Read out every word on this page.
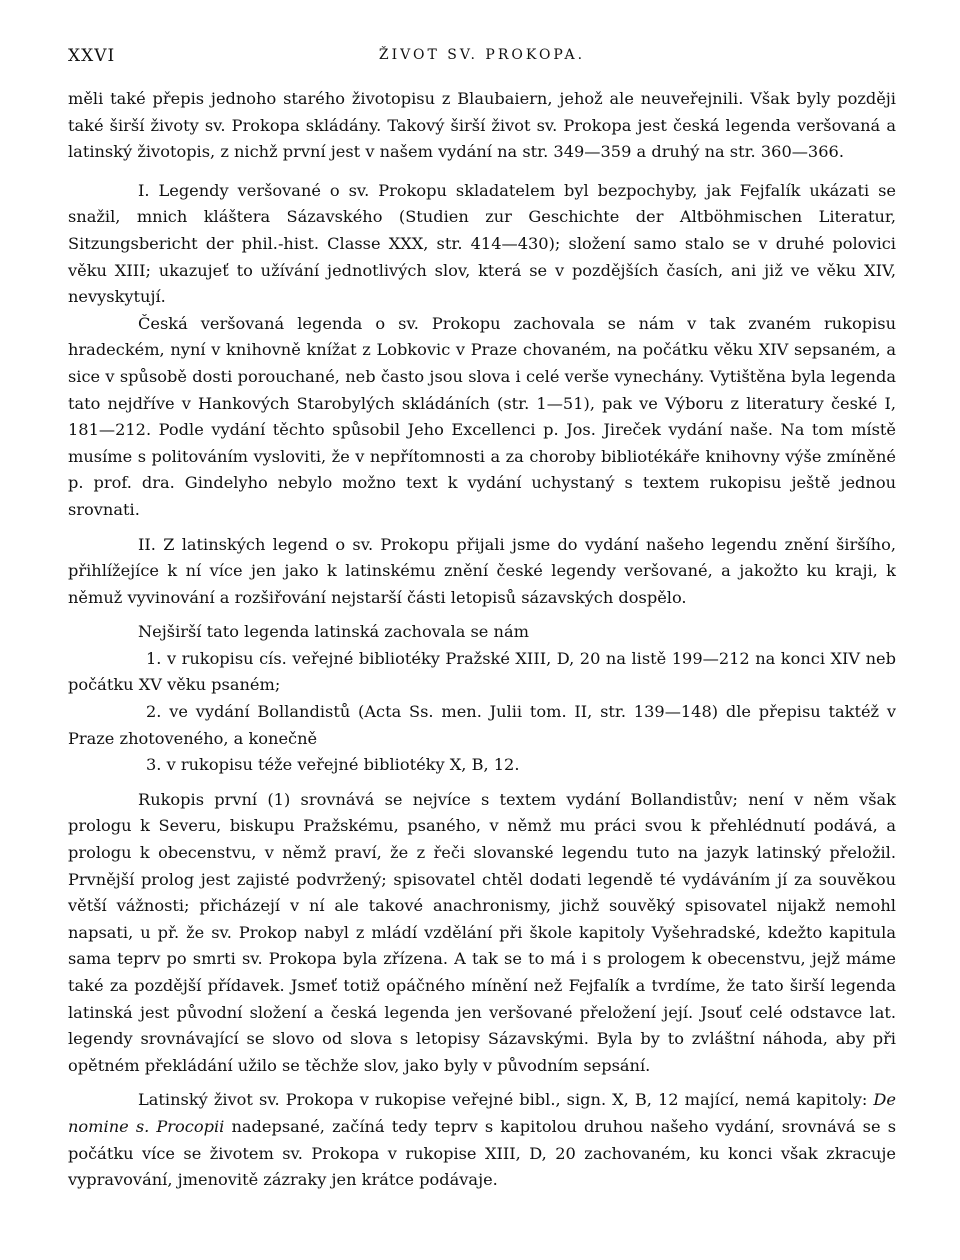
XXVI	ŽIVOT SV. PROKOPA.

měli také přepis jednoho starého životopisu z Blaubaiern, jehož ale neuveřejnili. Však byly později také širší životy sv. Prokopa skládány. Takový širší život sv. Prokopa jest česká legenda veršovaná a latinský životopis, z nichž první jest v našem vydání na str. 349—359 a druhý na str. 360—366.

I. Legendy veršované o sv. Prokopu skladatelem byl bezpochyby, jak Fejfalík ukázati se snažil, mnich kláštera Sázavského (Studien zur Geschichte der Altböhmischen Literatur, Sitzungsbericht der phil.-hist. Classe XXX, str. 414—430); složení samo stalo se v druhé polovici věku XIII; ukazujeť to užívání jednotlivých slov, která se v pozdějších časích, ani již ve věku XIV, nevyskytují.

Česká veršovaná legenda o sv. Prokopu zachovala se nám v tak zvaném rukopisu hradeckém, nyní v knihovně knížat z Lobkovic v Praze chovaném, na počátku věku XIV sepsaném, a sice v spůsobě dosti porouchané, neb často jsou slova i celé verše vynechány. Vytištěna byla legenda tato nejdříve v Hankových Starobylých skládáních (str. 1—51), pak ve Výboru z literatury české I, 181—212. Podle vydání těchto spůsobil Jeho Excellenci p. Jos. Jireček vydání naše. Na tom místě musíme s politováním vysloviti, že v nepřítomnosti a za choroby bibliotékáře knihovny výše zmíněné p. prof. dra. Gindelyho nebylo možno text k vydání uchystaný s textem rukopisu ještě jednou srovnati.

II. Z latinských legend o sv. Prokopu přijali jsme do vydání našeho legendu znění širšího, přihlížejíce k ní více jen jako k latinskému znění české legendy veršované, a jakožto ku kraji, k němuž vyvinování a rozšiřování nejstarší části letopisů sázavských dospělo.

Nejširší tato legenda latinská zachovala se nám

1. v rukopisu cís. veřejné bibliotéky Pražské XIII, D, 20 na listě 199—212 na konci XIV neb počátku XV věku psaném;

2. ve vydání Bollandistů (Acta Ss. men. Julii tom. II, str. 139—148) dle přepisu taktéž v Praze zhotoveného, a konečně

3. v rukopisu téže veřejné bibliotéky X, B, 12.

Rukopis první (1) srovnává se nejvíce s textem vydání Bollandistův; není v něm však prologu k Severu, biskupu Pražskému, psaného, v němž mu práci svou k přehlédnutí podává, a prologu k obecenstvu, v němž praví, že z řeči slovanské legendu tuto na jazyk latinský přeložil. Prvnější prolog jest zajisté podvržený; spisovatel chtěl dodati legendě té vydáváním jí za souvěkou větší vážnosti; přicházejí v ní ale takové anachronismy, jichž souvěký spisovatel nijakž nemohl napsati, u př. že sv. Prokop nabyl z mládí vzdělání při škole kapitoly Vyšehradské, kdežto kapitula sama teprv po smrti sv. Prokopa byla zřízena. A tak se to má i s prologem k obecenstvu, jejž máme také za pozdější přídavek. Jsmeť totiž opáčného mínění než Fejfalík a tvrdíme, že tato širší legenda latinská jest původní složení a česká legenda jen veršované přeložení její. Jsouť celé odstavce lat. legendy srovnávající se slovo od slova s letopisy Sázavskými. Byla by to zvláštní náhoda, aby při opětném překládání užilo se těchže slov, jako byly v původním sepsání.

Latinský život sv. Prokopa v rukopise veřejné bibl., sign. X, B, 12 mající, nemá kapitoly: De nomine s. Procopii nadepsané, začíná tedy teprv s kapitolou druhou našeho vydání, srovnává se s počátku více se životem sv. Prokopa v rukopise XIII, D, 20 zachovaném, ku konci však zkracuje vypravování, jmenovitě zázraky jen krátce podávaje.
